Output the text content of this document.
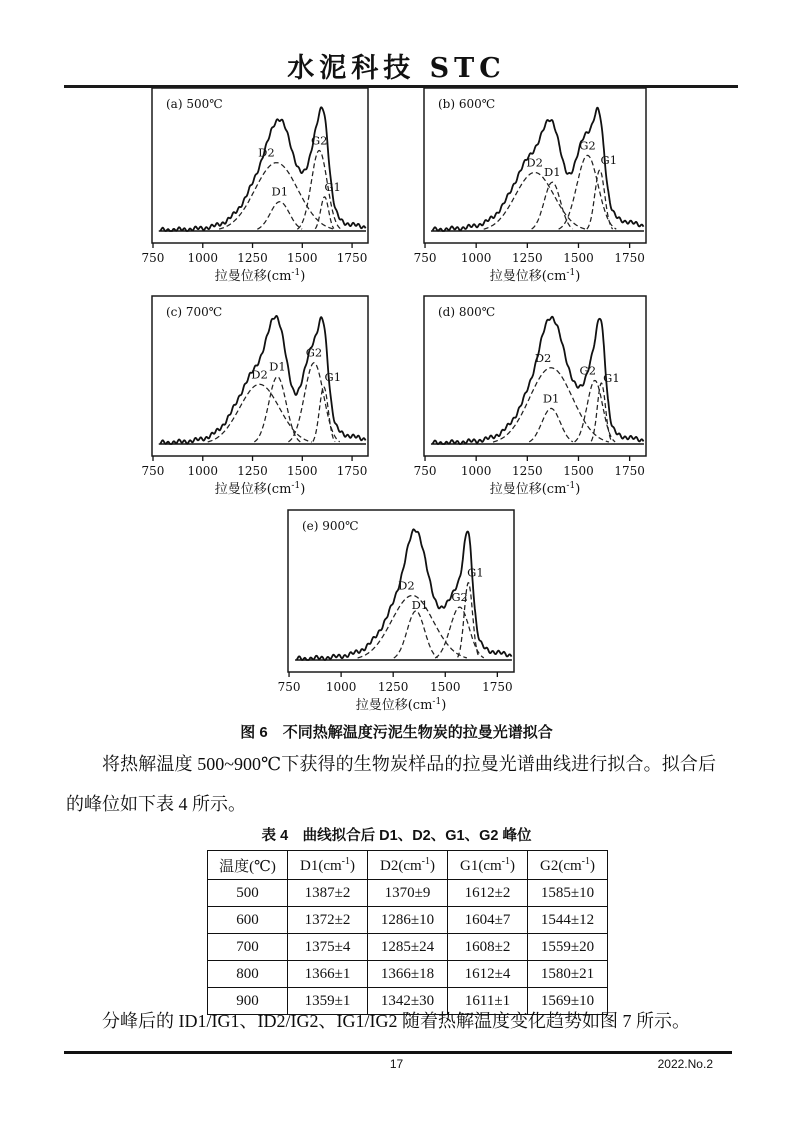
水泥科技 STC
(a) 500℃
D2
D1
G2
G1
750 1000 1250 1500 1750
拉曼位移$(cm^{-1})$
(b) 600℃
D2
D1
G2
G1
750 1000 1250 1500 1750
拉曼位移$(cm^{-1})$
(c) 700℃
D2
D1
G2
G1
750 1000 1250 1500 1750
拉曼位移$(cm^{-1})$
(d) 800℃
D2
D1
G2
G1
750 1000 1250 1500 1750
拉曼位移$(cm^{-1})$
(e) 900℃
D2
D1
G2
G1
750 1000 1250 1500 1750
拉曼位移$(cm^{-1})$
图 6　不同热解温度污泥生物炭的拉曼光谱拟合
将热解温度 500~900℃下获得的生物炭样品的拉曼光谱曲线进行拟合。拟合后的峰位如下表 4 所示。
表 4　曲线拟合后 D1、D2、G1、G2 峰位
温度(℃)	$D1(cm^{-1})$	$D2(cm^{-1})$	$G1(cm^{-1})$	$G2(cm^{-1})$
500	1387±2	1370±9	1612±2	1585±10
600	1372±2	1286±10	1604±7	1544±12
700	1375±4	1285±24	1608±2	1559±20
800	1366±1	1366±18	1612±4	1580±21
900	1359±1	1342±30	1611±1	1569±10
分峰后的 ID1/IG1、ID2/IG2、IG1/IG2 随着热解温度变化趋势如图 7 所示。
17	2022.No.2
